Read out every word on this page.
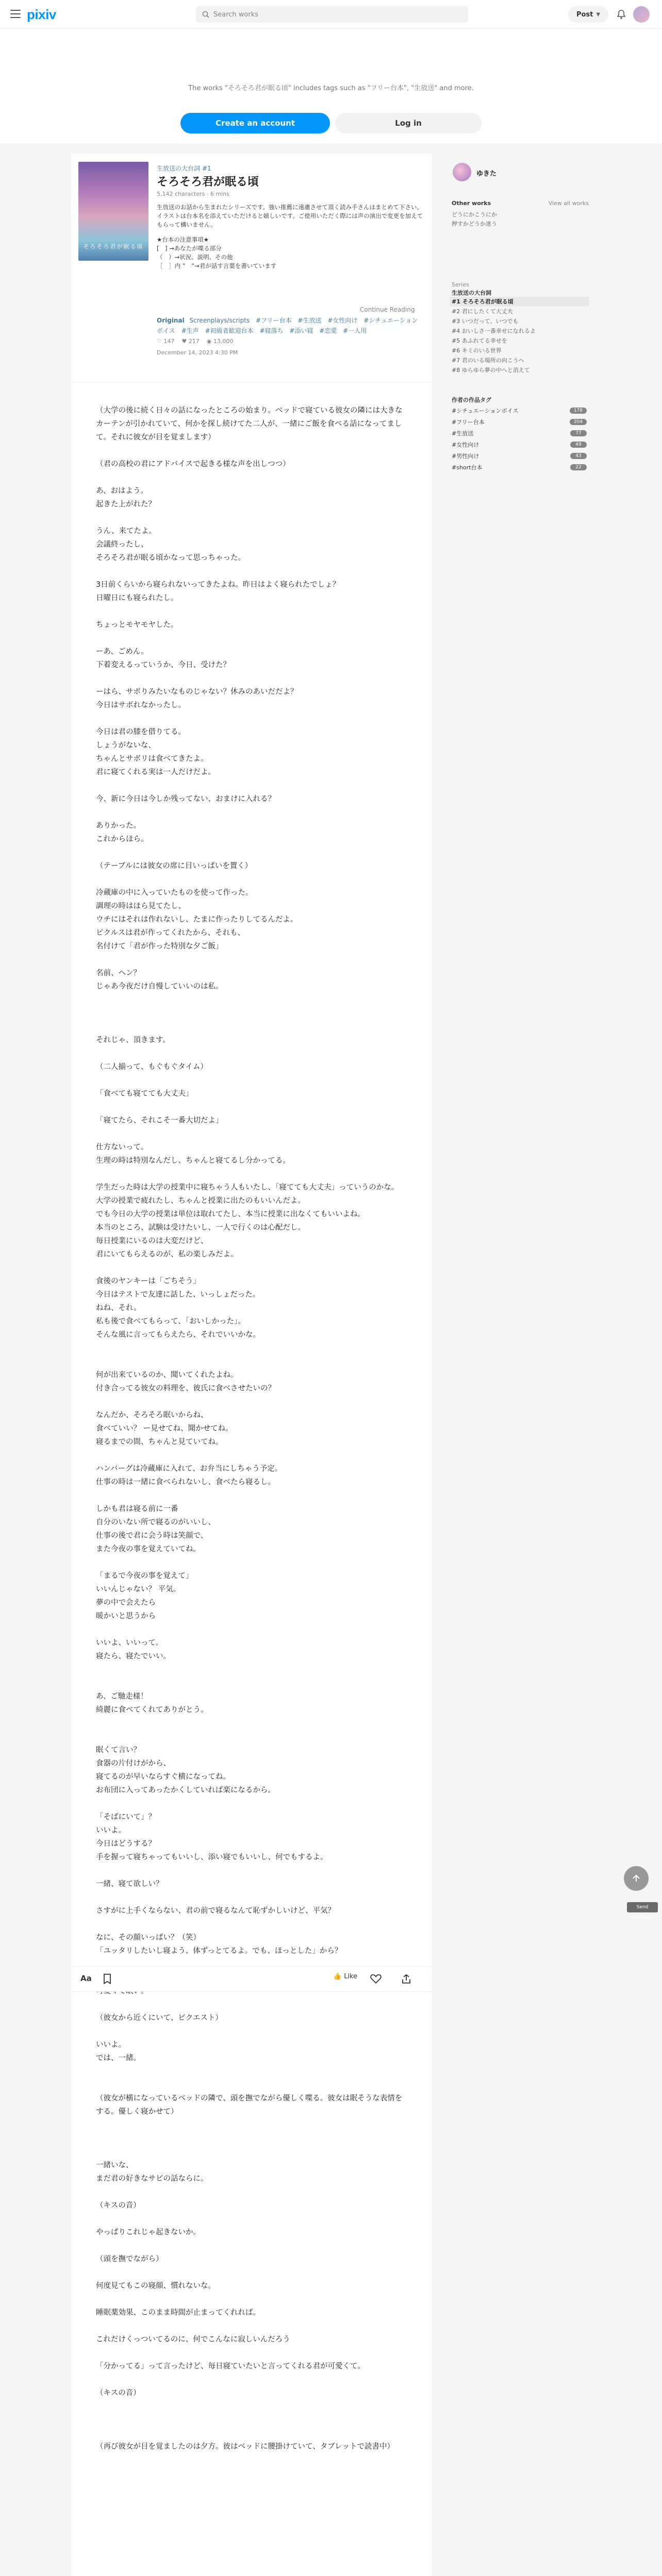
pixiv	Search works	Post ▼
The works "そろそろ君が眠る頃" includes tags such as "フリー台本", "生放送" and more.
Create an account	Log in
そろそろ君が眠る頃
生放送の大台詞 #1
そろそろ君が眠る頃
5,142 characters · 6 mins

生放送のお話から生まれたシリーズです。強い推薦に遠慮させて頂く読み手さんはまとめて下さい。

イラストは台本名を添えていただけると嬉しいです。ご使用いただく際には声の演出で変更を加えてもらって構いません。

★台本の注意事項★

[　] →あなたが喋る部分

（　）→状況、説明、その他

［　］内 ”　”→君が話す言葉を書いています

Continue Reading
Original Screenplays/scripts #フリー台本 #生放送 #女性向け #シチュエーションボイス #生声 #初級者歓迎台本 #寝落ち #添い寝 #恋愛 #一人用
♡ 147 ♥ 217 ◉ 13,000
December 14, 2023 4:30 PM

（大学の後に続く日々の話になったところの始まり。ベッドで寝ている彼女の隣には大きなカーテンが引かれていて、何かを探し続けてた二人が、一緒にご飯を食べる話になってまして。それに彼女が目を覚まします）

（君の高校の君にアドバイスで起きる様な声を出しつつ）

あ、おはよう。

起きた上がれた？

うん、来てたよ。

会議終ったし、

そろそろ君が眠る頃かなって思っちゃった。

3日前くらいから寝られないってきたよね。昨日はよく寝られたでしょ？

日曜日にも寝られたし。

ちょっとモヤモヤした。

ーあ、ごめん。

下着変えるっていうか、今日、受けた？

ーはら、サボりみたいなものじゃない？休みのあいだだよ？

今日はサボれなかったし。

今日は君の膝を借りてる。

しょうがないな、

ちゃんとサボリは食べてきたよ。

君に寝てくれる実は一人だけだよ。

今、新に今日は今しか残ってない、おまけに入れる？

ありかった。

これからほら。

（テーブルには彼女の席に目いっぱいを置く）

冷蔵庫の中に入っていたものを使って作った。

調理の時はほら見てたし、

ウチにはそれは作れないし、たまに作ったりしてるんだよ。

ピクルスは君が作ってくれたから、それも、

名付けて「君が作った特別な夕ご飯」

名前、ヘン？

じゃあ今夜だけ自慢していいのは私。

それじゃ、頂きます。

（二人揃って、もぐもぐタイム）

「食べても寝てても大丈夫」

「寝てたら、それこそ一番大切だよ」

仕方ないって。

生理の時は特別なんだし、ちゃんと寝てるし分かってる。

学生だった時は大学の授業中に寝ちゃう人もいたし、「寝てても大丈夫」っていうのかな。

大学の授業で疲れたし、ちゃんと授業に出たのもいいんだよ。

でも今日の大学の授業は単位は取れてたし、本当に授業に出なくてもいいよね。

本当のところ、試験は受けたいし、一人で行くのは心配だし。

毎日授業にいるのは大変だけど、

君にいてもらえるのが、私の楽しみだよ。

食後のヤンキーは「ごちそう」

今日はテストで友達に話した、いっしょだった。

ねね、それ。

私も後で食べてもらって、「おいしかった」。

そんな風に言ってもらえたら、それでいいかな。

何が出来ているのか、聞いてくれたよね。

付き合ってる彼女の料理を、彼氏に食べさせたいの？

なんだか、そろそろ眠いからね、

食べていい？ ー見せてね、聞かせてね。

寝るまでの間、ちゃんと見ていてね。

ハンバーグは冷蔵庫に入れて、お弁当にしちゃう予定。

仕事の時は一緒に食べられないし、食べたら寝るし。

しかも君は寝る前に一番

自分のいない所で寝るのがいいし、

仕事の後で君に会う時は笑顔で、

また今夜の事を覚えていてね。

「まるで今夜の事を覚えて」

いいんじゃない？ 平気。

夢の中で会えたら

暖かいと思うから

いいよ、いいって。

寝たら、寝たでいい。

あ、ご馳走様！

綺麗に食べてくれてありがとう。

眠くて言い？

食器の片付けがから、

寝てるのが早いならすぐ横になってね。

お布団に入ってあったかくしていれば楽になるから。

「そばにいて」？

いいよ。

今日はどうする？

手を握って寝ちゃってもいいし、添い寝でもいいし、何でもするよ。

一緒、寝て欲しい？

さすがに上手くならない、君の前で寝るなんて恥ずかしいけど、平気？

なに、その顔いっぱい？（笑）

「ユッタリしたいし寝よう、体ずっとてるよ。でも、ほっとした」から？

（彼女から近くにいて、ビクエスト）

いいよ。

では、一緒。

（彼女が横になっているベッドの隣で、頭を撫でながら優しく喋る。彼女は眠そうな表情をする。優しく寝かせて）

一緒いな、

まだ君の好きなサビの話ならに。

（キスの音）

やっぱりこれじゃ起きないか。

（頭を撫でながら）

何度見てもこの寝顔、慣れないな。

睡眠薬効果、このまま時間が止まってくれれば。

これだけくっついてるのに、何でこんなに寂しいんだろう

「分かってる」って言ったけど、毎日寝ていたいと言ってくれる君が可愛くて。

（キスの音）

（再び彼女が目を覚ましたのは夕方。彼はベッドに腰掛けていて、タブレットで読書中）

Aa	👍 Like
ゆきた
Other works	View all works
どうにかこうにか
押すかどうか迷う
Series
生放送の大台詞
#1 そろそろ君が眠る頃
#2 君にしたくて大丈夫
#3 いつだって、いつでも
#4 おいしさ一番幸せになれるよ
#5 あふれてる幸せを
#6 キミのいる世界
#7 君のいる場所の向こうへ
#8 ゆらゆら夢の中へと消えて
作者の作品タグ
#シチュエーションボイス	178
#フリー台本	204
#生放送	77
#女性向け	49
#男性向け	43
#short台本	22
Send feedback
